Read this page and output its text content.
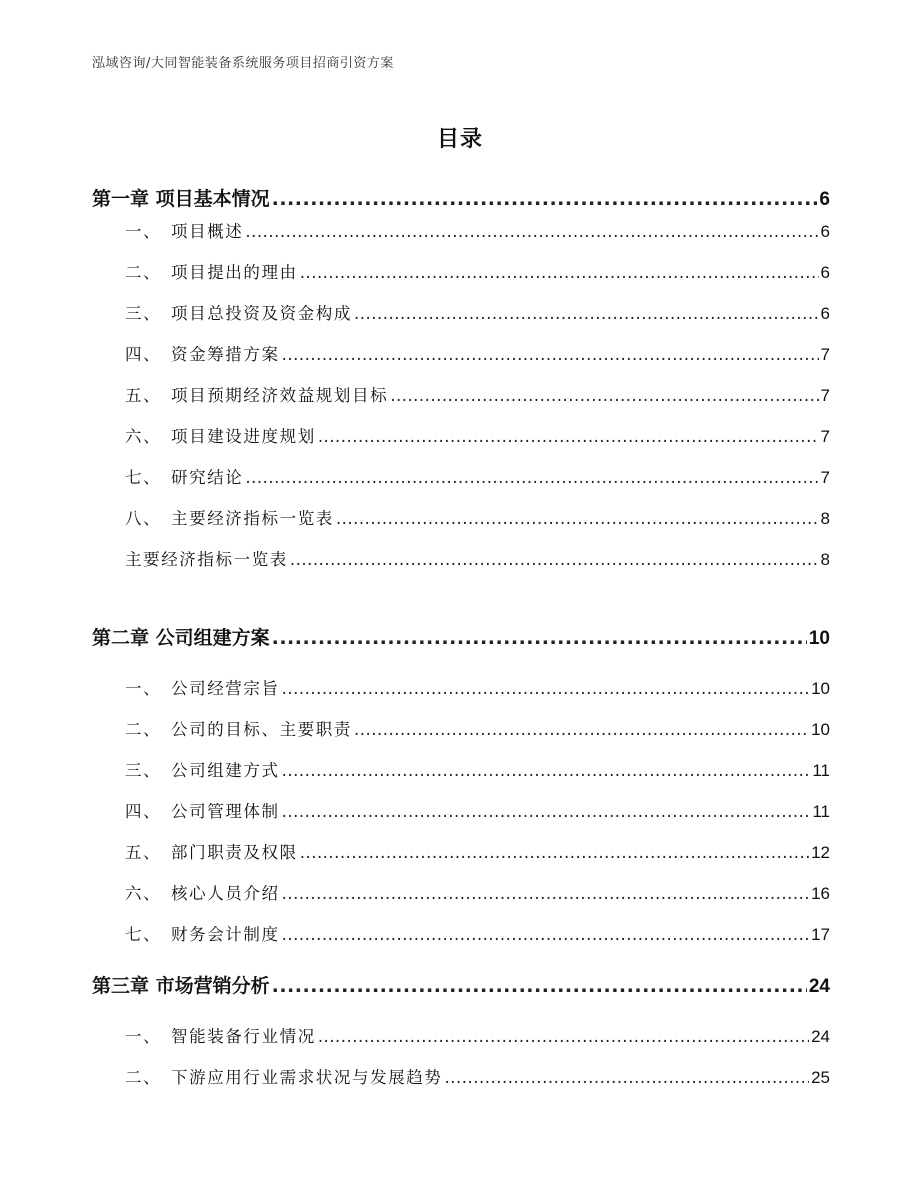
泓域咨询/大同智能装备系统服务项目招商引资方案
目录
第一章 项目基本情况 .....	6
一、 项目概述 .....	6
二、 项目提出的理由 .....	6
三、 项目总投资及资金构成 .....	6
四、 资金筹措方案 .....	7
五、 项目预期经济效益规划目标 .....	7
六、 项目建设进度规划 .....	7
七、 研究结论 .....	7
八、 主要经济指标一览表 .....	8
主要经济指标一览表 .....	8
第二章 公司组建方案 .....	10
一、 公司经营宗旨 .....	10
二、 公司的目标、主要职责 .....	10
三、 公司组建方式 .....	11
四、 公司管理体制 .....	11
五、 部门职责及权限 .....	12
六、 核心人员介绍 .....	16
七、 财务会计制度 .....	17
第三章 市场营销分析 .....	24
一、 智能装备行业情况 .....	24
二、 下游应用行业需求状况与发展趋势 .....	25
